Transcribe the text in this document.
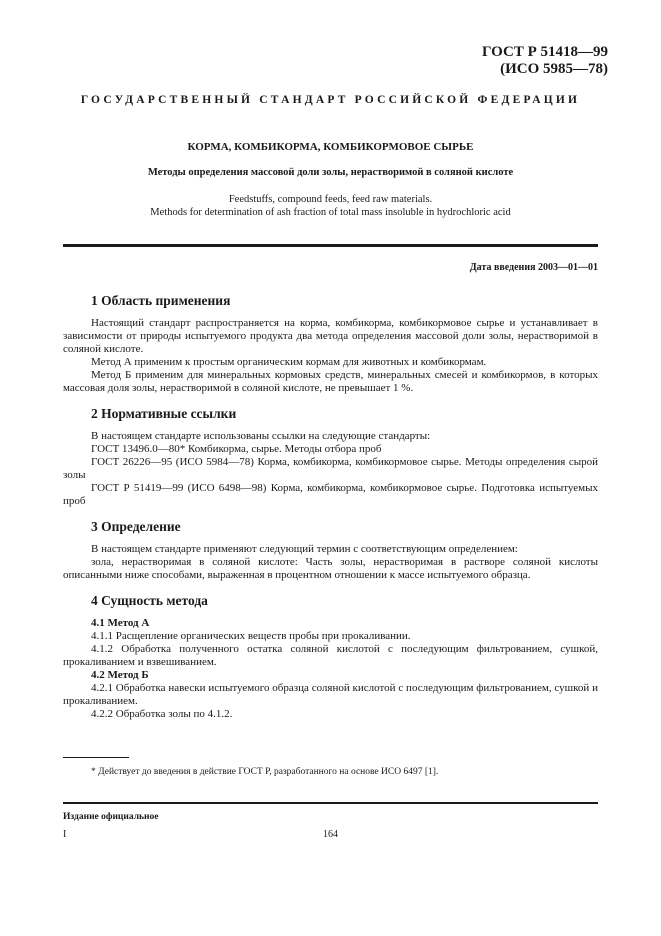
ГОСТ Р 51418—99
(ИСО 5985—78)
ГОСУДАРСТВЕННЫЙ СТАНДАРТ РОССИЙСКОЙ ФЕДЕРАЦИИ
КОРМА, КОМБИКОРМА, КОМБИКОРМОВОЕ СЫРЬЕ
Методы определения массовой доли золы, нерастворимой в соляной кислоте
Feedstuffs, compound feeds, feed raw materials.
Methods for determination of ash fraction of total mass insoluble in hydrochloric acid
Дата введения 2003—01—01
1 Область применения
Настоящий стандарт распространяется на корма, комбикорма, комбикормовое сырье и устанавливает в зависимости от природы испытуемого продукта два метода определения массовой доли золы, нерастворимой в соляной кислоте.
Метод А применим к простым органическим кормам для животных и комбикормам.
Метод Б применим для минеральных кормовых средств, минеральных смесей и комбикормов, в которых массовая доля золы, нерастворимой в соляной кислоте, не превышает 1 %.
2 Нормативные ссылки
В настоящем стандарте использованы ссылки на следующие стандарты:
ГОСТ 13496.0—80* Комбикорма, сырье. Методы отбора проб
ГОСТ 26226—95 (ИСО 5984—78) Корма, комбикорма, комбикормовое сырье. Методы определения сырой золы
ГОСТ Р 51419—99 (ИСО 6498—98) Корма, комбикорма, комбикормовое сырье. Подготовка испытуемых проб
3 Определение
В настоящем стандарте применяют следующий термин с соответствующим определением:
зола, нерастворимая в соляной кислоте: Часть золы, нерастворимая в растворе соляной кислоты описанными ниже способами, выраженная в процентном отношении к массе испытуемого образца.
4 Сущность метода
4.1 Метод А
4.1.1 Расщепление органических веществ пробы при прокаливании.
4.1.2 Обработка полученного остатка соляной кислотой с последующим фильтрованием, сушкой, прокаливанием и взвешиванием.
4.2 Метод Б
4.2.1 Обработка навески испытуемого образца соляной кислотой с последующим фильтрованием, сушкой и прокаливанием.
4.2.2 Обработка золы по 4.1.2.
* Действует до введения в действие ГОСТ Р, разработанного на основе ИСО 6497 [1].
Издание официальное
I	164
